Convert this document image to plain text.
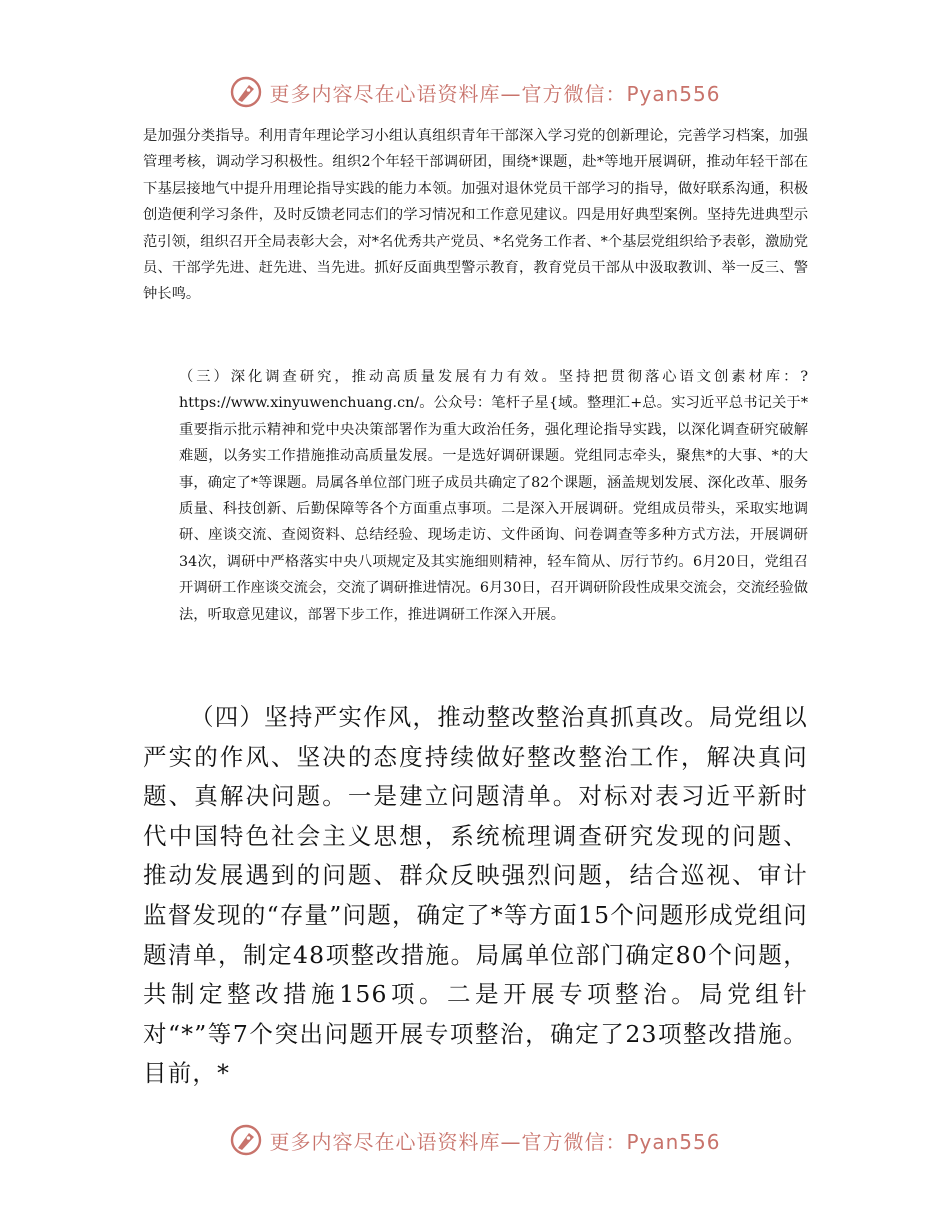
更多内容尽在心语资料库—官方微信：Pyan556

是加强分类指导。利用青年理论学习小组认真组织青年干部深入学习党的创新理论，完善学习档案，加强管理考核，调动学习积极性。组织2个年轻干部调研团，围绕*课题，赴*等地开展调研，推动年轻干部在下基层接地气中提升用理论指导实践的能力本领。加强对退休党员干部学习的指导，做好联系沟通，积极创造便利学习条件，及时反馈老同志们的学习情况和工作意见建议。四是用好典型案例。坚持先进典型示范引领，组织召开全局表彰大会，对*名优秀共产党员、*名党务工作者、*个基层党组织给予表彰，激励党员、干部学先进、赶先进、当先进。抓好反面典型警示教育，教育党员干部从中汲取教训、举一反三、警钟长鸣。

（三）深化调查研究，推动高质量发展有力有效。坚持把贯彻落心语文创素材库：?https://www.xinyuwenchuang.cn/。公众号：笔杆子星{域。整理汇+总。实习近平总书记关于*重要指示批示精神和党中央决策部署作为重大政治任务，强化理论指导实践，以深化调查研究破解难题，以务实工作措施推动高质量发展。一是选好调研课题。党组同志牵头，聚焦*的大事、*的大事，确定了*等课题。局属各单位部门班子成员共确定了82个课题，涵盖规划发展、深化改革、服务质量、科技创新、后勤保障等各个方面重点事项。二是深入开展调研。党组成员带头，采取实地调研、座谈交流、查阅资料、总结经验、现场走访、文件函询、问卷调查等多种方式方法，开展调研34次，调研中严格落实中央八项规定及其实施细则精神，轻车简从、厉行节约。6月20日，党组召开调研工作座谈交流会，交流了调研推进情况。6月30日，召开调研阶段性成果交流会，交流经验做法，听取意见建议，部署下步工作，推进调研工作深入开展。

（四）坚持严实作风，推动整改整治真抓真改。局党组以严实的作风、坚决的态度持续做好整改整治工作，解决真问题、真解决问题。一是建立问题清单。对标对表习近平新时代中国特色社会主义思想，系统梳理调查研究发现的问题、推动发展遇到的问题、群众反映强烈问题，结合巡视、审计监督发现的“存量”问题，确定了*等方面15个问题形成党组问题清单，制定48项整改措施。局属单位部门确定80个问题，共制定整改措施156项。二是开展专项整治。局党组针对“*”等7个突出问题开展专项整治，确定了23项整改措施。目前，*

更多内容尽在心语资料库—官方微信：Pyan556
